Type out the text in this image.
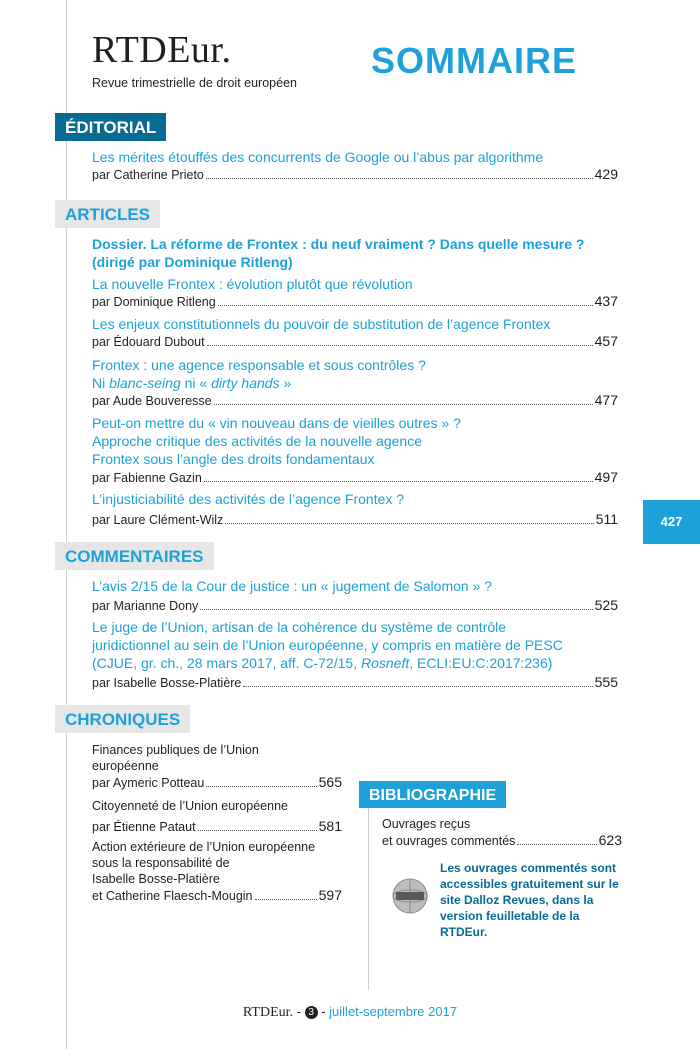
RTDEur.
Revue trimestrielle de droit européen
SOMMAIRE
ÉDITORIAL
Les mérites étouffés des concurrents de Google ou l’abus par algorithme
par Catherine Prieto	429
ARTICLES
Dossier. La réforme de Frontex : du neuf vraiment ? Dans quelle mesure ?
(dirigé par Dominique Ritleng)
La nouvelle Frontex : évolution plutôt que révolution
par Dominique Ritleng	437
Les enjeux constitutionnels du pouvoir de substitution de l’agence Frontex
par Édouard Dubout	457
Frontex : une agence responsable et sous contrôles ?
Ni blanc-seing ni « dirty hands »
par Aude Bouveresse	477
Peut-on mettre du « vin nouveau dans de vieilles outres » ?
Approche critique des activités de la nouvelle agence
Frontex sous l’angle des droits fondamentaux
par Fabienne Gazin	497
L’injusticiabilité des activités de l’agence Frontex ?
par Laure Clément-Wilz	511	427
COMMENTAIRES
L’avis 2/15 de la Cour de justice : un « jugement de Salomon » ?
par Marianne Dony	525
Le juge de l’Union, artisan de la cohérence du système de contrôle
juridictionnel au sein de l’Union européenne, y compris en matière de PESC
(CJUE, gr. ch., 28 mars 2017, aff. C-72/15, Rosneft, ECLI:EU:C:2017:236)
par Isabelle Bosse-Platière	555
CHRONIQUES
Finances publiques de l’Union
européenne
par Aymeric Potteau	565
Citoyenneté de l’Union européenne
par Étienne Pataut	581
Action extérieure de l’Union européenne
sous la responsabilité de
Isabelle Bosse-Platière
et Catherine Flaesch-Mougin	597
BIBLIOGRAPHIE
Ouvrages reçus
et ouvrages commentés	623
Les ouvrages commentés sont accessibles gratuitement sur le site Dalloz Revues, dans la version feuilletable de la RTDEur.
RTDEur. - 3 - juillet-septembre 2017
